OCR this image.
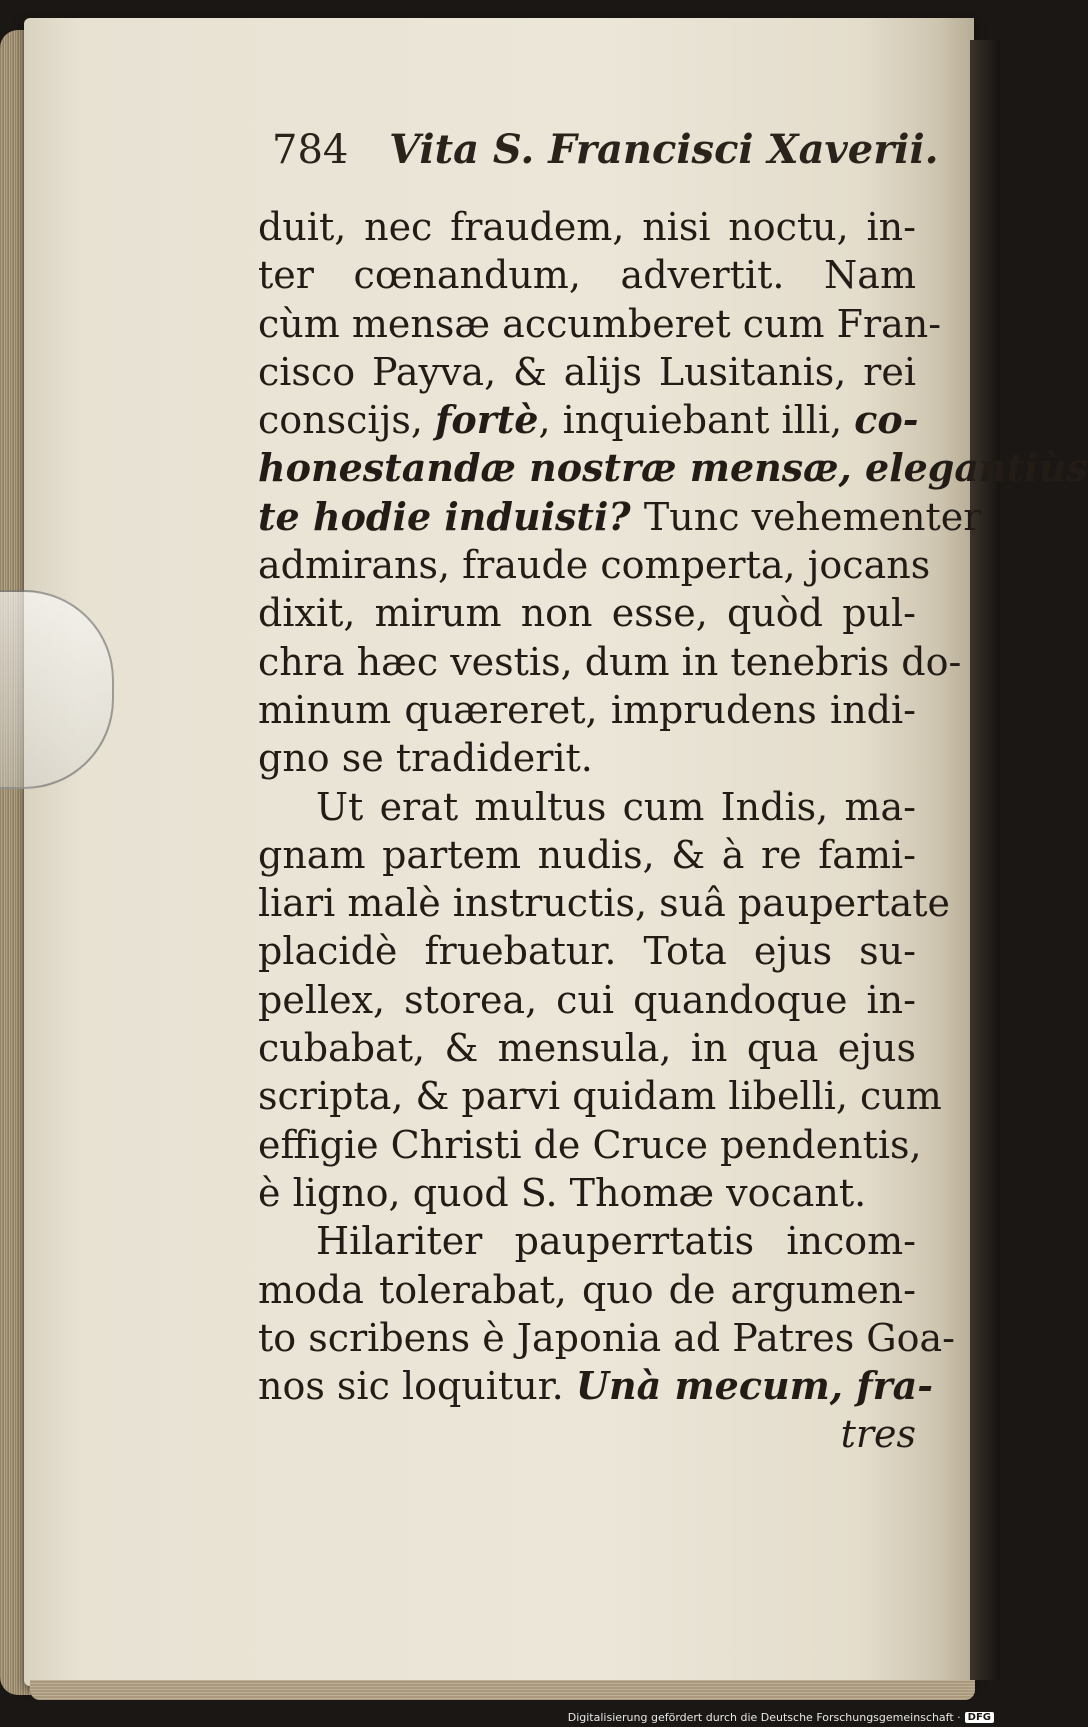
784 Vita S. Francisci Xaverii.
duit, nec fraudem, nisi noctu, in-
ter cœnandum, advertit. Nam
cùm mensæ accumberet cum Fran-
cisco Payva, & alijs Lusitanis, rei
conscijs, fortè, inquiebant illi, co-
honestandæ nostræ mensæ, elegantiùs
te hodie induisti? Tunc vehementer
admirans, fraude comperta, jocans
dixit, mirum non esse, quòd pul-
chra hæc vestis, dum in tenebris do-
minum quæreret, imprudens indi-
gno se tradiderit.
Ut erat multus cum Indis, ma-
gnam partem nudis, & à re fami-
liari malè instructis, suâ paupertate
placidè fruebatur. Tota ejus su-
pellex, storea, cui quandoque in-
cubabat, & mensula, in qua ejus
scripta, & parvi quidam libelli, cum
effigie Christi de Cruce pendentis,
è ligno, quod S. Thomæ vocant.
Hilariter pauperrtatis incom-
moda tolerabat, quo de argumen-
to scribens è Japonia ad Patres Goa-
nos sic loquitur. Unà mecum, fra-
tres
Digitalisierung gefördert durch die Deutsche Forschungsgemeinschaft · DFG
